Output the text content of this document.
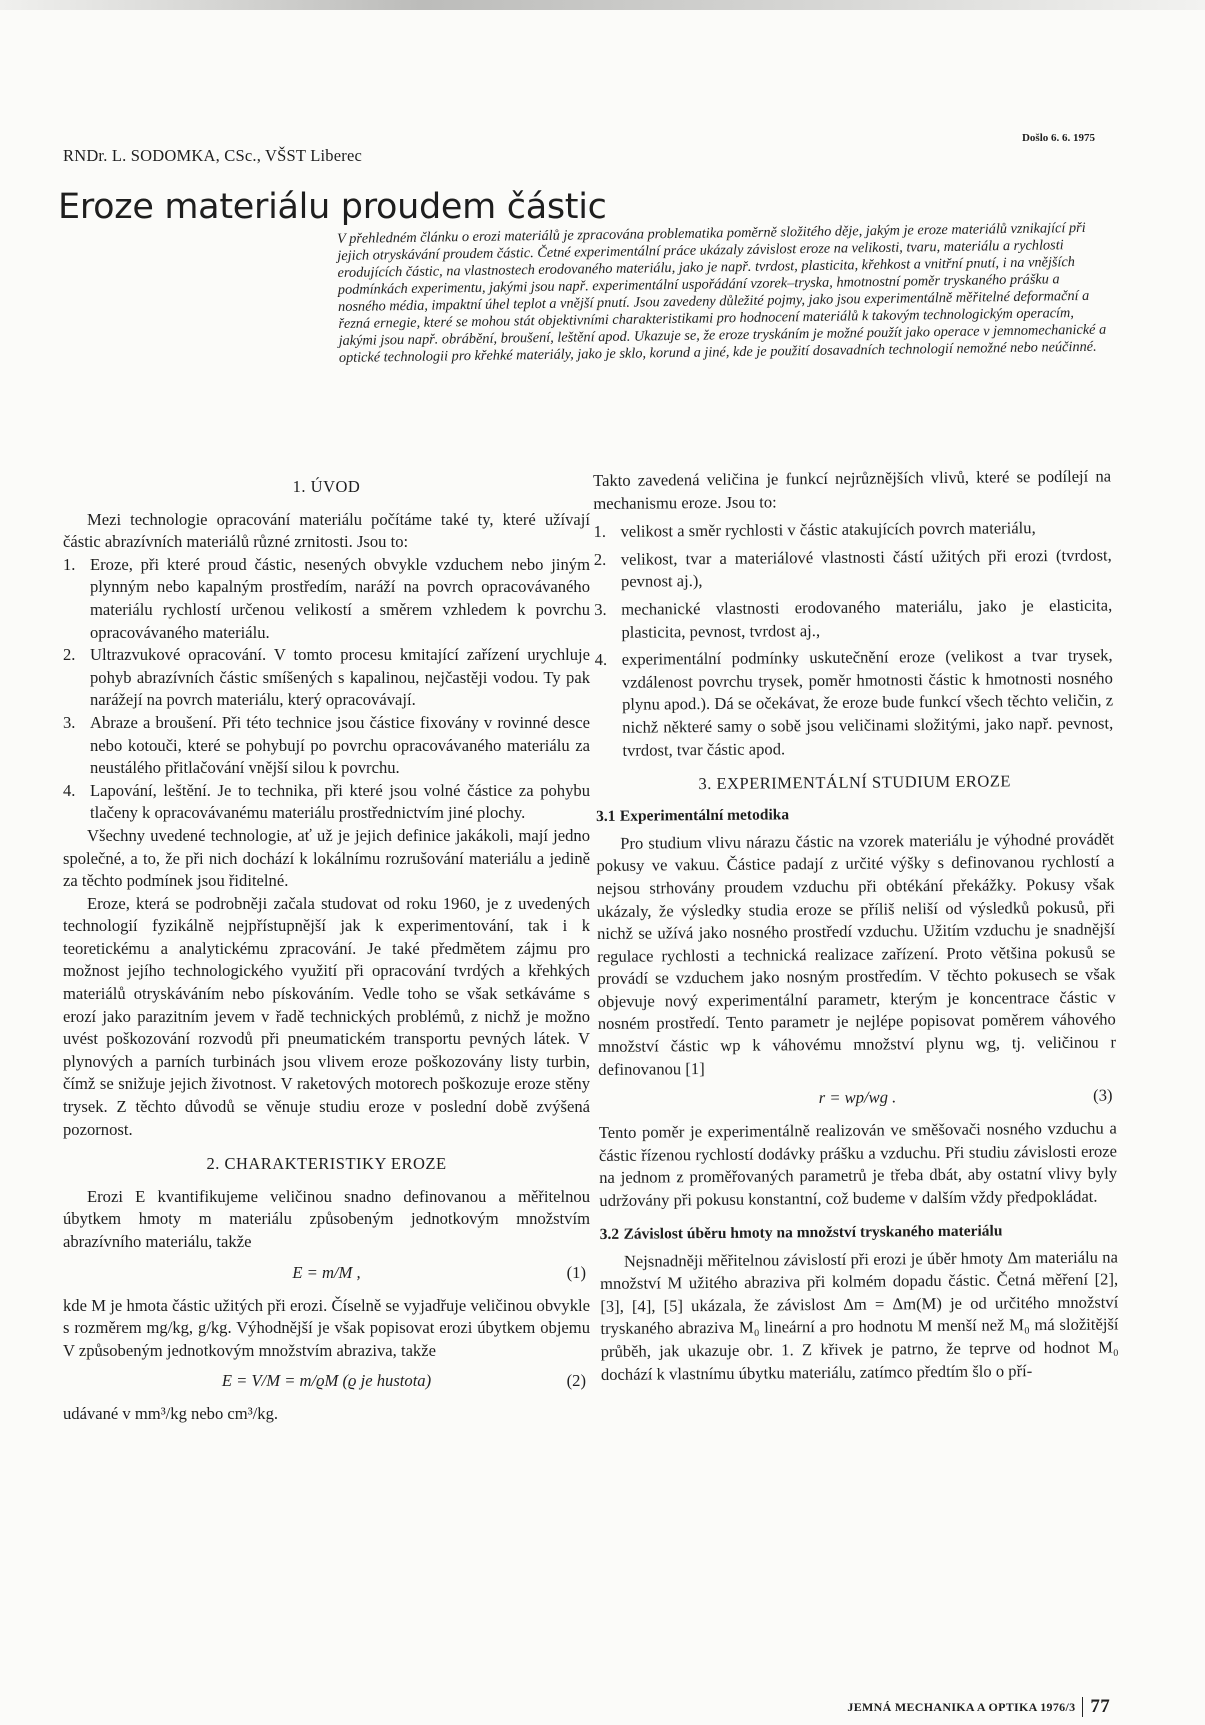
RNDr. L. SODOMKA, CSc., VŠST Liberec
Došlo 6. 6. 1975
Eroze materiálu proudem částic

V přehledném článku o erozi materiálů je zpracována problematika poměrně složitého děje, jakým je eroze materiálů vznikající při jejich otryskávání proudem částic. Četné experimentální práce ukázaly závislost eroze na velikosti, tvaru, materiálu a rychlosti erodujících částic, na vlastnostech erodovaného materiálu, jako je např. tvrdost, plasticita, křehkost a vnitřní pnutí, i na vnějších podmínkách experimentu, jakými jsou např. experimentální uspořádání vzorek–tryska, hmotnostní poměr tryskaného prášku a nosného média, impaktní úhel teplot a vnější pnutí. Jsou zavedeny důležité pojmy, jako jsou experimentálně měřitelné deformační a řezná ernegie, které se mohou stát objektivními charakteristikami pro hodnocení materiálů k takovým technologickým operacím, jakými jsou např. obrábění, broušení, leštění apod. Ukazuje se, že eroze tryskáním je možné použít jako operace v jemnomechanické a optické technologii pro křehké materiály, jako je sklo, korund a jiné, kde je použití dosavadních technologií nemožné nebo neúčinné.

1. ÚVOD

Mezi technologie opracování materiálu počítáme také ty, které užívají částic abrazívních materiálů různé zrnitosti. Jsou to:

1. Eroze, při které proud částic, nesených obvykle vzduchem nebo jiným plynným nebo kapalným prostředím, naráží na povrch opracovávaného materiálu rychlostí určenou velikostí a směrem vzhledem k povrchu opracovávaného materiálu.
2. Ultrazvukové opracování. V tomto procesu kmitající zařízení urychluje pohyb abrazívních částic smíšených s kapalinou, nejčastěji vodou. Ty pak narážejí na povrch materiálu, který opracovávají.
3. Abraze a broušení. Při této technice jsou částice fixovány v rovinné desce nebo kotouči, které se pohybují po povrchu opracovávaného materiálu za neustálého přitlačování vnější silou k povrchu.
4. Lapování, leštění. Je to technika, při které jsou volné částice za pohybu tlačeny k opracovávanému materiálu prostřednictvím jiné plochy.

Všechny uvedené technologie, ať už je jejich definice jakákoli, mají jedno společné, a to, že při nich dochází k lokálnímu rozrušování materiálu a jedině za těchto podmínek jsou řiditelné.

Eroze, která se podrobněji začala studovat od roku 1960, je z uvedených technologií fyzikálně nejpřístupnější jak k experimentování, tak i k teoretickému a analytickému zpracování. Je také předmětem zájmu pro možnost jejího technologického využití při opracování tvrdých a křehkých materiálů otryskáváním nebo pískováním. Vedle toho se však setkáváme s erozí jako parazitním jevem v řadě technických problémů, z nichž je možno uvést poškozování rozvodů při pneumatickém transportu pevných látek. V plynových a parních turbinách jsou vlivem eroze poškozovány listy turbin, čímž se snižuje jejich životnost. V raketových motorech poškozuje eroze stěny trysek. Z těchto důvodů se věnuje studiu eroze v poslední době zvýšená pozornost.

2. CHARAKTERISTIKY EROZE

Erozi E kvantifikujeme veličinou snadno definovanou a měřitelnou úbytkem hmoty m materiálu způsobeným jednotkovým množstvím abrazívního materiálu, takže

E = m/M ,	(1)

kde M je hmota částic užitých při erozi. Číselně se vyjadřuje veličinou obvykle s rozměrem mg/kg, g/kg. Výhodnější je však popisovat erozi úbytkem objemu V způsobeným jednotkovým množstvím abraziva, takže

E = V/M = m/ϱM (ϱ je hustota)	(2)

udávané v mm³/kg nebo cm³/kg.

Takto zavedená veličina je funkcí nejrůznějších vlivů, které se podílejí na mechanismu eroze. Jsou to:

1. velikost a směr rychlosti v částic atakujících povrch materiálu,
2. velikost, tvar a materiálové vlastnosti částí užitých při erozi (tvrdost, pevnost aj.),
3. mechanické vlastnosti erodovaného materiálu, jako je elasticita, plasticita, pevnost, tvrdost aj.,
4. experimentální podmínky uskutečnění eroze (velikost a tvar trysek, vzdálenost povrchu trysek, poměr hmotnosti částic k hmotnosti nosného plynu apod.). Dá se očekávat, že eroze bude funkcí všech těchto veličin, z nichž některé samy o sobě jsou veličinami složitými, jako např. pevnost, tvrdost, tvar částic apod.
3. EXPERIMENTÁLNÍ STUDIUM EROZE
3.1 Experimentální metodika

Pro studium vlivu nárazu částic na vzorek materiálu je výhodné provádět pokusy ve vakuu. Částice padají z určité výšky s definovanou rychlostí a nejsou strhovány proudem vzduchu při obtékání překážky. Pokusy však ukázaly, že výsledky studia eroze se příliš neliší od výsledků pokusů, při nichž se užívá jako nosného prostředí vzduchu. Užitím vzduchu je snadnější regulace rychlosti a technická realizace zařízení. Proto většina pokusů se provádí se vzduchem jako nosným prostředím. V těchto pokusech se však objevuje nový experimentální parametr, kterým je koncentrace částic v nosném prostředí. Tento parametr je nejlépe popisovat poměrem váhového množství částic wp k váhovému množství plynu wg, tj. veličinou r definovanou [1]

r = wp/wg .	(3)

Tento poměr je experimentálně realizován ve směšovači nosného vzduchu a částic řízenou rychlostí dodávky prášku a vzduchu. Při studiu závislosti eroze na jednom z proměřovaných parametrů je třeba dbát, aby ostatní vlivy byly udržovány při pokusu konstantní, což budeme v dalším vždy předpokládat.

3.2 Závislost úběru hmoty na množství tryskaného materiálu

Nejsnadněji měřitelnou závislostí při erozi je úběr hmoty Δm materiálu na množství M užitého abraziva při kolmém dopadu částic. Četná měření [2], [3], [4], [5] ukázala, že závislost Δm = Δm(M) je od určitého množství tryskaného abraziva M₀ lineární a pro hodnotu M menší než M₀ má složitější průběh, jak ukazuje obr. 1. Z křivek je patrno, že teprve od hodnot M₀ dochází k vlastnímu úbytku materiálu, zatímco předtím šlo o pří-

JEMNÁ MECHANIKA A OPTIKA 1976/3 77
